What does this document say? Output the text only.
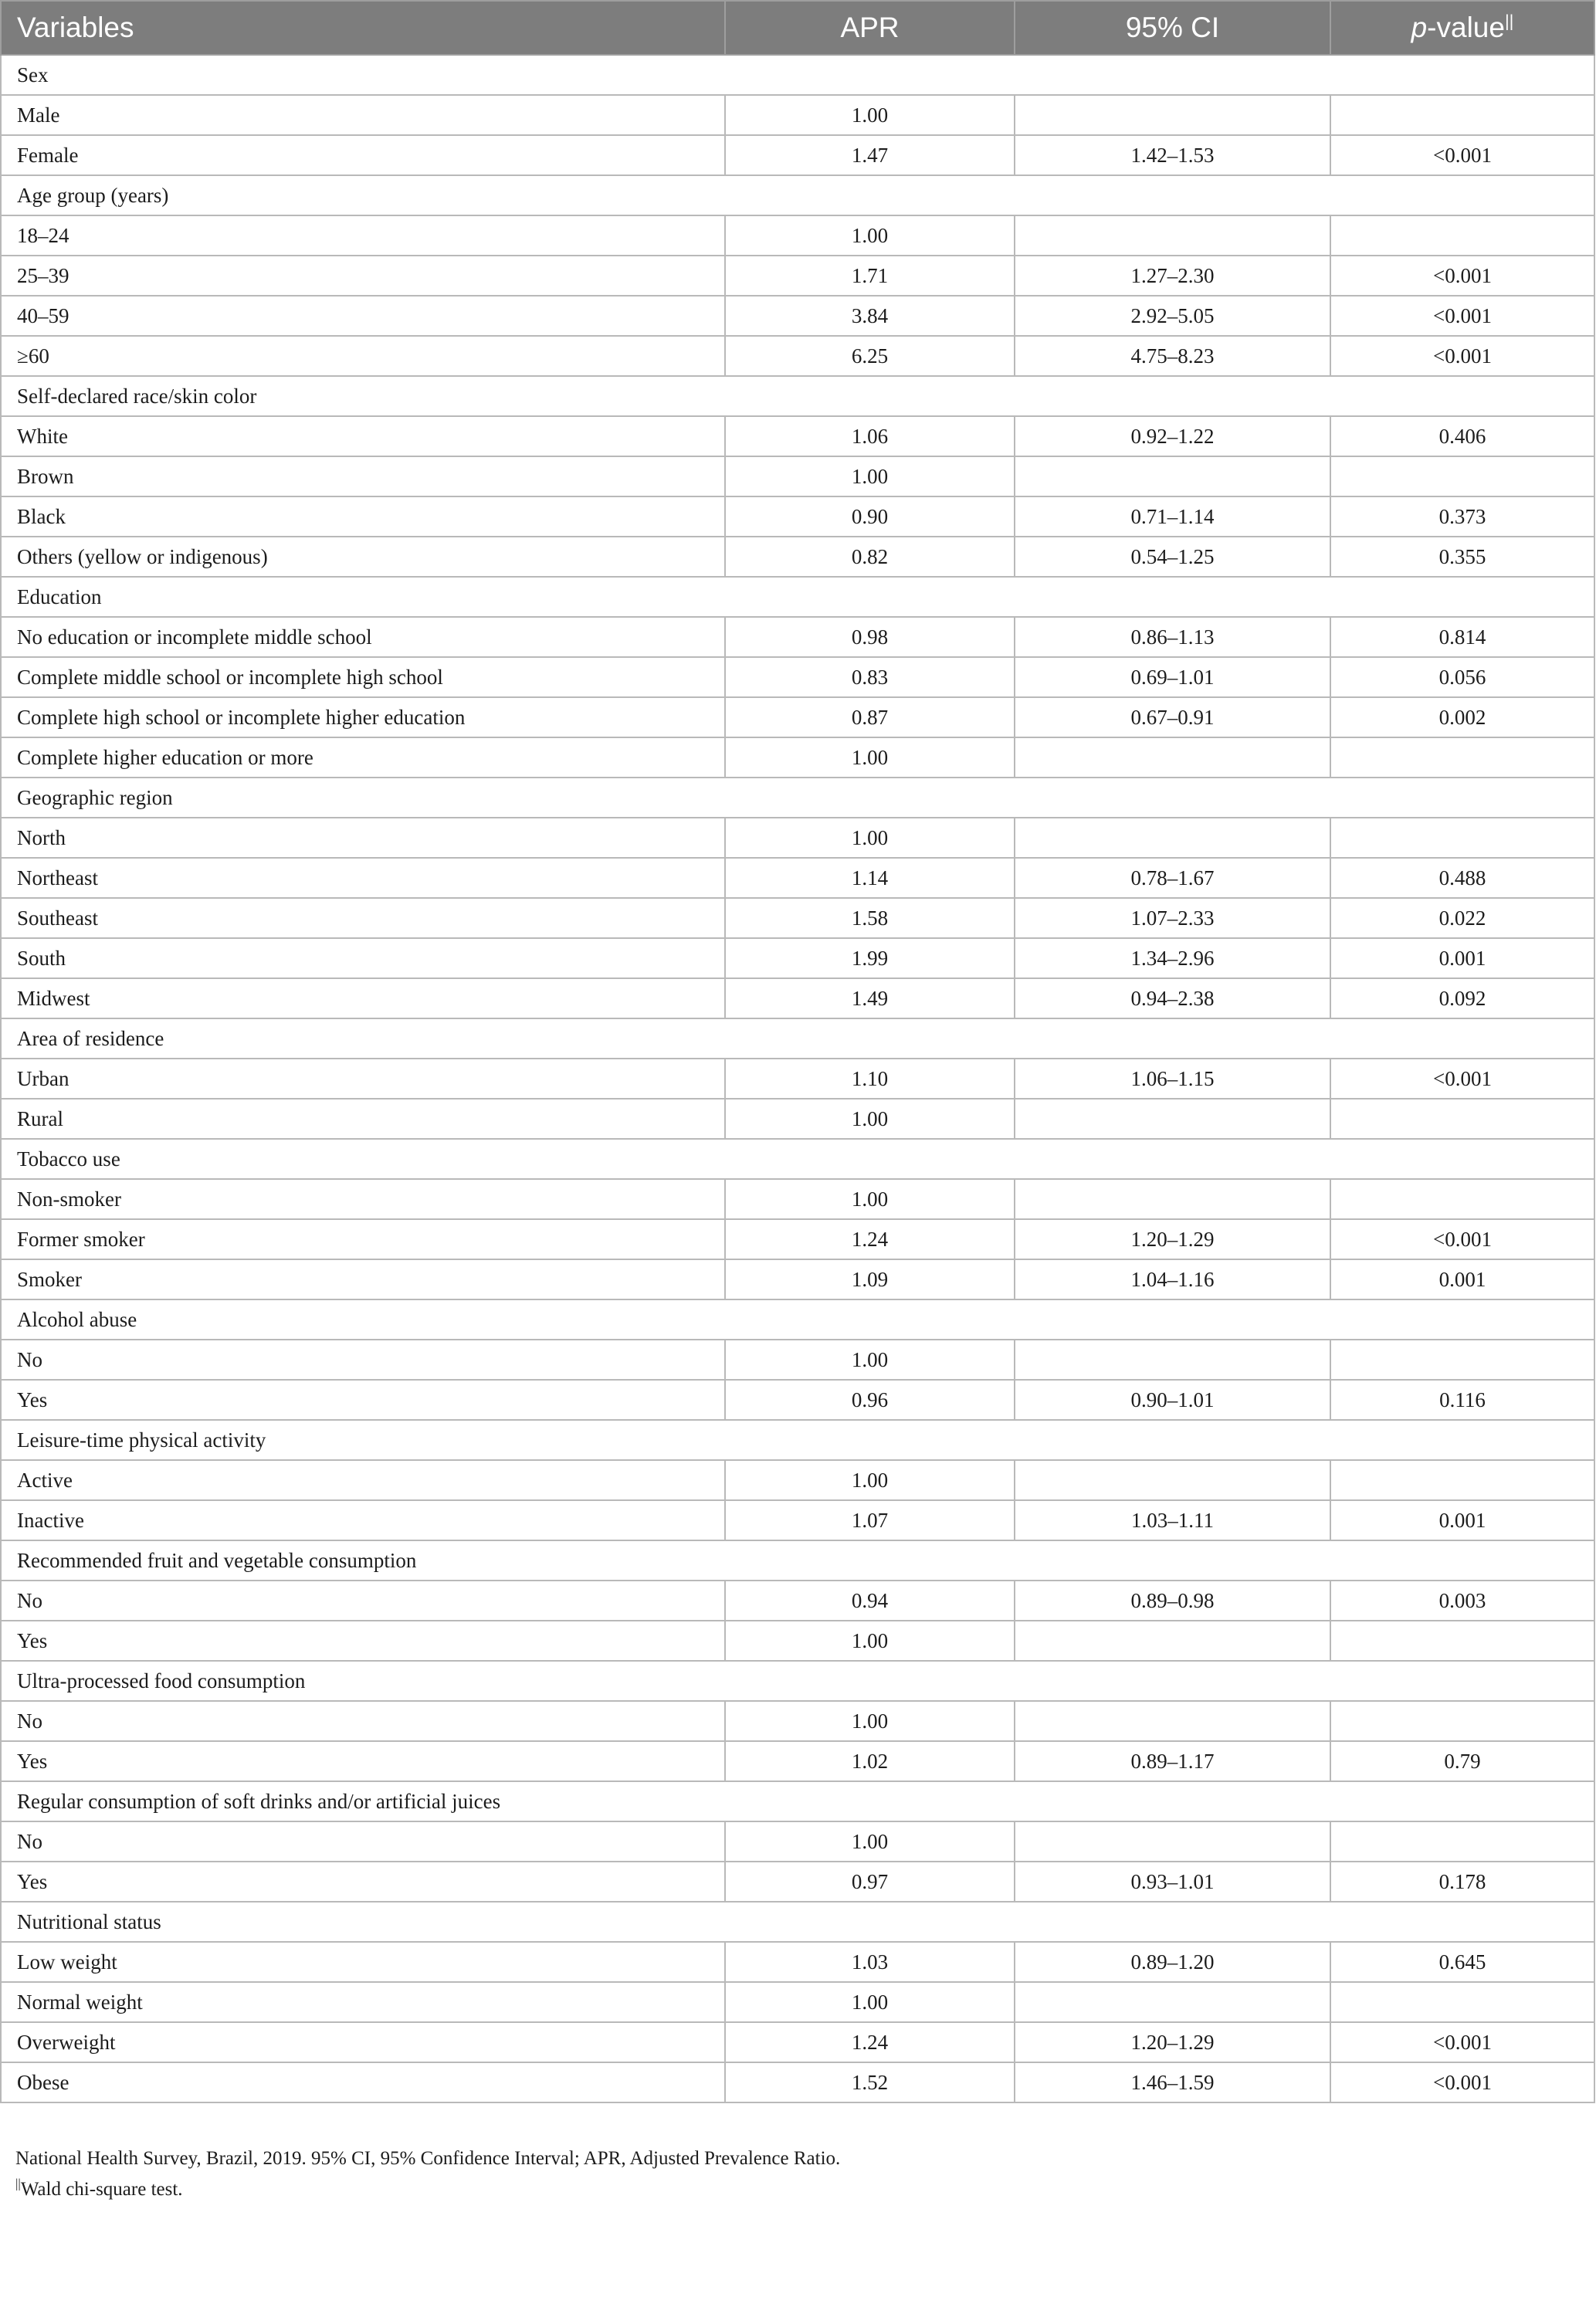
Variables	APR	95% CI	p-value||
Sex			
Male	1.00		
Female	1.47	1.42–1.53	<0.001
Age group (years)			
18–24	1.00		
25–39	1.71	1.27–2.30	<0.001
40–59	3.84	2.92–5.05	<0.001
≥60	6.25	4.75–8.23	<0.001
Self-declared race/skin color			
White	1.06	0.92–1.22	0.406
Brown	1.00		
Black	0.90	0.71–1.14	0.373
Others (yellow or indigenous)	0.82	0.54–1.25	0.355
Education			
No education or incomplete middle school	0.98	0.86–1.13	0.814
Complete middle school or incomplete high school	0.83	0.69–1.01	0.056
Complete high school or incomplete higher education	0.87	0.67–0.91	0.002
Complete higher education or more	1.00		
Geographic region			
North	1.00		
Northeast	1.14	0.78–1.67	0.488
Southeast	1.58	1.07–2.33	0.022
South	1.99	1.34–2.96	0.001
Midwest	1.49	0.94–2.38	0.092
Area of residence			
Urban	1.10	1.06–1.15	<0.001
Rural	1.00		
Tobacco use			
Non-smoker	1.00		
Former smoker	1.24	1.20–1.29	<0.001
Smoker	1.09	1.04–1.16	0.001
Alcohol abuse			
No	1.00		
Yes	0.96	0.90–1.01	0.116
Leisure-time physical activity			
Active	1.00		
Inactive	1.07	1.03–1.11	0.001
Recommended fruit and vegetable consumption			
No	0.94	0.89–0.98	0.003
Yes	1.00		
Ultra-processed food consumption			
No	1.00		
Yes	1.02	0.89–1.17	0.79
Regular consumption of soft drinks and/or artificial juices			
No	1.00		
Yes	0.97	0.93–1.01	0.178
Nutritional status			
Low weight	1.03	0.89–1.20	0.645
Normal weight	1.00		
Overweight	1.24	1.20–1.29	<0.001
Obese	1.52	1.46–1.59	<0.001
National Health Survey, Brazil, 2019. 95% CI, 95% Confidence Interval; APR, Adjusted Prevalence Ratio.
||Wald chi-square test.
